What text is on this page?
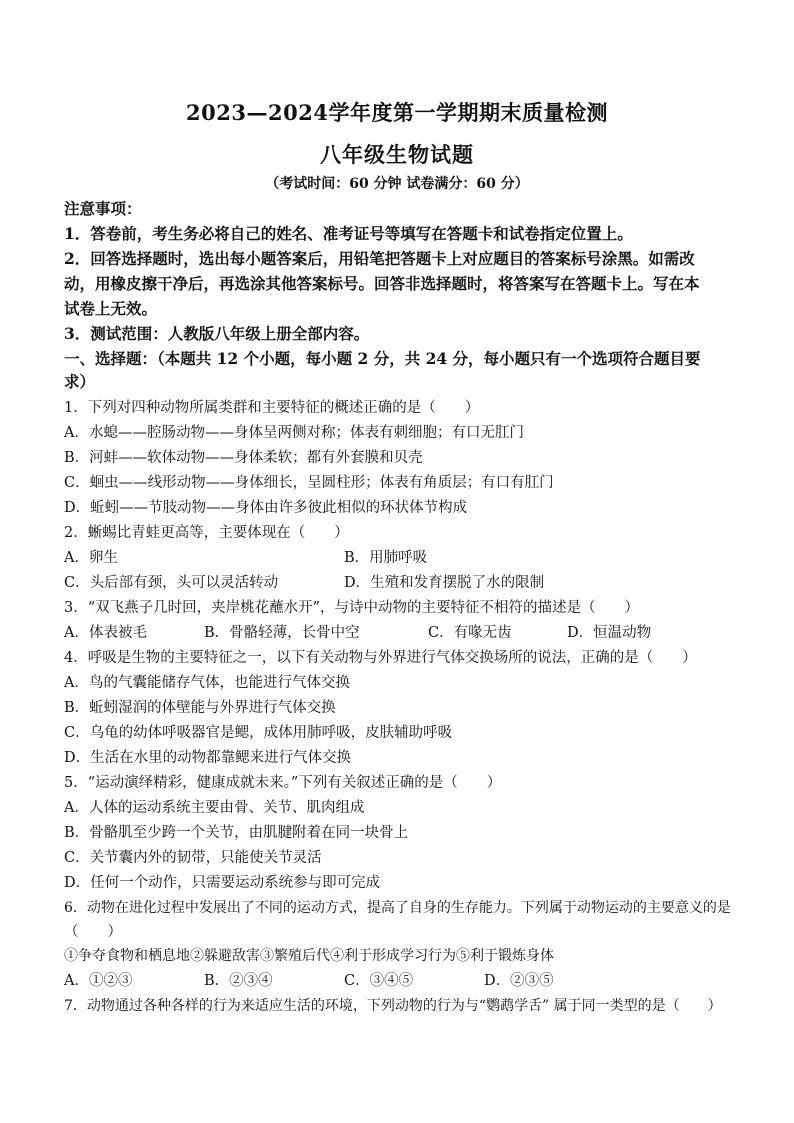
2023—2024学年度第一学期期末质量检测
八年级生物试题
（考试时间：60 分钟 试卷满分：60 分）
注意事项：
1．答卷前，考生务必将自己的姓名、准考证号等填写在答题卡和试卷指定位置上。
2．回答选择题时，选出每小题答案后，用铅笔把答题卡上对应题目的答案标号涂黑。如需改
动，用橡皮擦干净后，再选涂其他答案标号。回答非选择题时，将答案写在答题卡上。写在本
试卷上无效。
3．测试范围：人教版八年级上册全部内容。
一、选择题：（本题共 12 个小题，每小题 2 分，共 24 分，每小题只有一个选项符合题目要
求）
1．下列对四种动物所属类群和主要特征的概述正确的是（　　）
A．水螅——腔肠动物——身体呈两侧对称；体表有刺细胞；有口无肛门
B．河蚌——软体动物——身体柔软；都有外套膜和贝壳
C．蛔虫——线形动物——身体细长，呈圆柱形；体表有角质层；有口有肛门
D．蚯蚓——节肢动物——身体由许多彼此相似的环状体节构成
2．蜥蜴比青蛙更高等，主要体现在（　　）
A．卵生	B．用肺呼吸
C．头后部有颈，头可以灵活转动	D．生殖和发育摆脱了水的限制
3．“双飞燕子几时回，夹岸桃花蘸水开”，与诗中动物的主要特征不相符的描述是（　　）
A．体表被毛	B．骨骼轻薄，长骨中空	C．有喙无齿	D．恒温动物
4．呼吸是生物的主要特征之一，以下有关动物与外界进行气体交换场所的说法，正确的是（　　）
A．鸟的气囊能储存气体，也能进行气体交换
B．蚯蚓湿润的体壁能与外界进行气体交换
C．乌龟的幼体呼吸器官是鳃，成体用肺呼吸，皮肤辅助呼吸
D．生活在水里的动物都靠鳃来进行气体交换
5．“运动演绎精彩，健康成就未来。”下列有关叙述正确的是（　　）
A．人体的运动系统主要由骨、关节、肌肉组成
B．骨骼肌至少跨一个关节，由肌腱附着在同一块骨上
C．关节囊内外的韧带，只能使关节灵活
D．任何一个动作，只需要运动系统参与即可完成
6．动物在进化过程中发展出了不同的运动方式，提高了自身的生存能力。下列属于动物运动的主要意义的是
（　　）
①争夺食物和栖息地②躲避敌害③繁殖后代④利于形成学习行为⑤利于锻炼身体
A．①②③	B．②③④	C．③④⑤	D．②③⑤
7．动物通过各种各样的行为来适应生活的环境，下列动物的行为与“鹦鹉学舌” 属于同一类型的是（　　）
